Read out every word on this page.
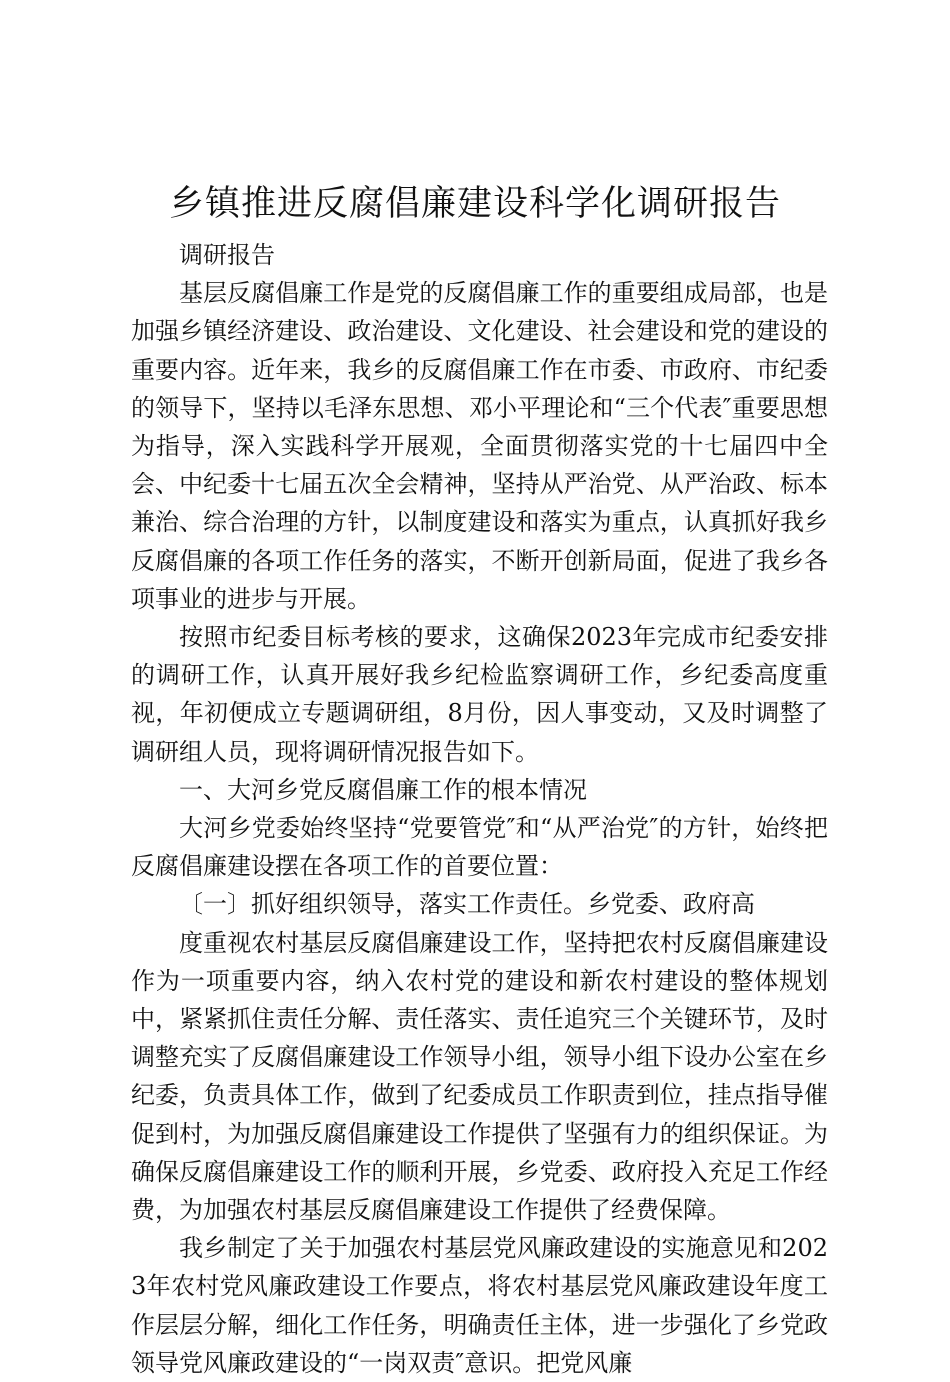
乡镇推进反腐倡廉建设科学化调研报告

调研报告

基层反腐倡廉工作是党的反腐倡廉工作的重要组成局部，也是加强乡镇经济建设、政治建设、文化建设、社会建设和党的建设的重要内容。近年来，我乡的反腐倡廉工作在市委、市政府、市纪委的领导下，坚持以毛泽东思想、邓小平理论和“三个代表″重要思想为指导，深入实践科学开展观，全面贯彻落实党的十七届四中全会、中纪委十七届五次全会精神，坚持从严治党、从严治政、标本兼治、综合治理的方针，以制度建设和落实为重点，认真抓好我乡反腐倡廉的各项工作任务的落实，不断开创新局面，促进了我乡各项事业的进步与开展。

按照市纪委目标考核的要求，这确保2023年完成市纪委安排的调研工作，认真开展好我乡纪检监察调研工作，乡纪委高度重视，年初便成立专题调研组，8月份，因人事变动，又及时调整了调研组人员，现将调研情况报告如下。

一、大河乡党反腐倡廉工作的根本情况

大河乡党委始终坚持“党要管党″和“从严治党″的方针，始终把反腐倡廉建设摆在各项工作的首要位置：

〔一〕抓好组织领导，落实工作责任。乡党委、政府高

度重视农村基层反腐倡廉建设工作，坚持把农村反腐倡廉建设作为一项重要内容，纳入农村党的建设和新农村建设的整体规划中，紧紧抓住责任分解、责任落实、责任追究三个关键环节，及时调整充实了反腐倡廉建设工作领导小组，领导小组下设办公室在乡纪委，负责具体工作，做到了纪委成员工作职责到位，挂点指导催促到村，为加强反腐倡廉建设工作提供了坚强有力的组织保证。为确保反腐倡廉建设工作的顺利开展，乡党委、政府投入充足工作经费，为加强农村基层反腐倡廉建设工作提供了经费保障。

我乡制定了关于加强农村基层党风廉政建设的实施意见和2023年农村党风廉政建设工作要点，将农村基层党风廉政建设年度工作层层分解，细化工作任务，明确责任主体，进一步强化了乡党政领导党风廉政建设的“一岗双责″意识。把党风廉
